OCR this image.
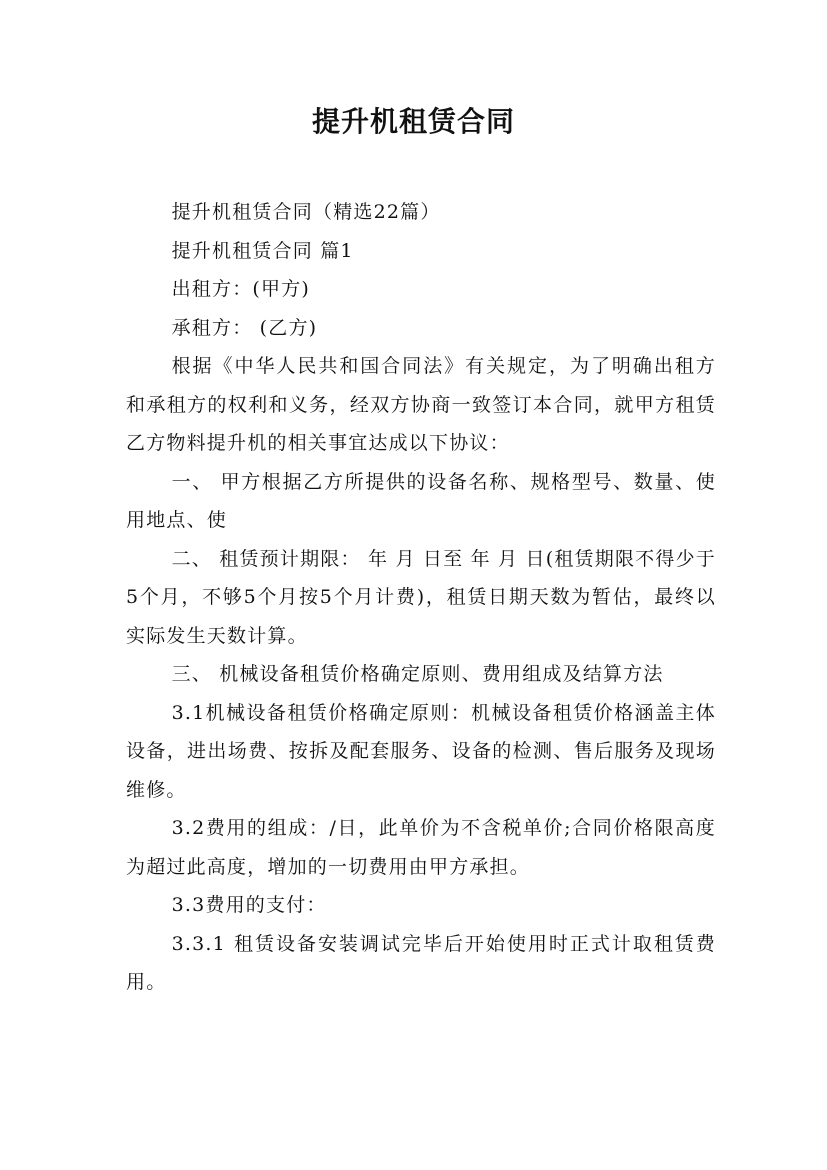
提升机租赁合同

提升机租赁合同（精选22篇）

提升机租赁合同 篇1

出租方：(甲方)

承租方： (乙方)

根据《中华人民共和国合同法》有关规定，为了明确出租方和承租方的权利和义务，经双方协商一致签订本合同，就甲方租赁乙方物料提升机的相关事宜达成以下协议：

一、 甲方根据乙方所提供的设备名称、规格型号、数量、使用地点、使

二、 租赁预计期限： 年 月 日至 年 月 日(租赁期限不得少于5个月，不够5个月按5个月计费)，租赁日期天数为暂估，最终以实际发生天数计算。

三、 机械设备租赁价格确定原则、费用组成及结算方法

3.1机械设备租赁价格确定原则：机械设备租赁价格涵盖主体设备，进出场费、按拆及配套服务、设备的检测、售后服务及现场维修。

3.2费用的组成：/日，此单价为不含税单价;合同价格限高度为超过此高度，增加的一切费用由甲方承担。

3.3费用的支付：

3.3.1 租赁设备安装调试完毕后开始使用时正式计取租赁费用。
